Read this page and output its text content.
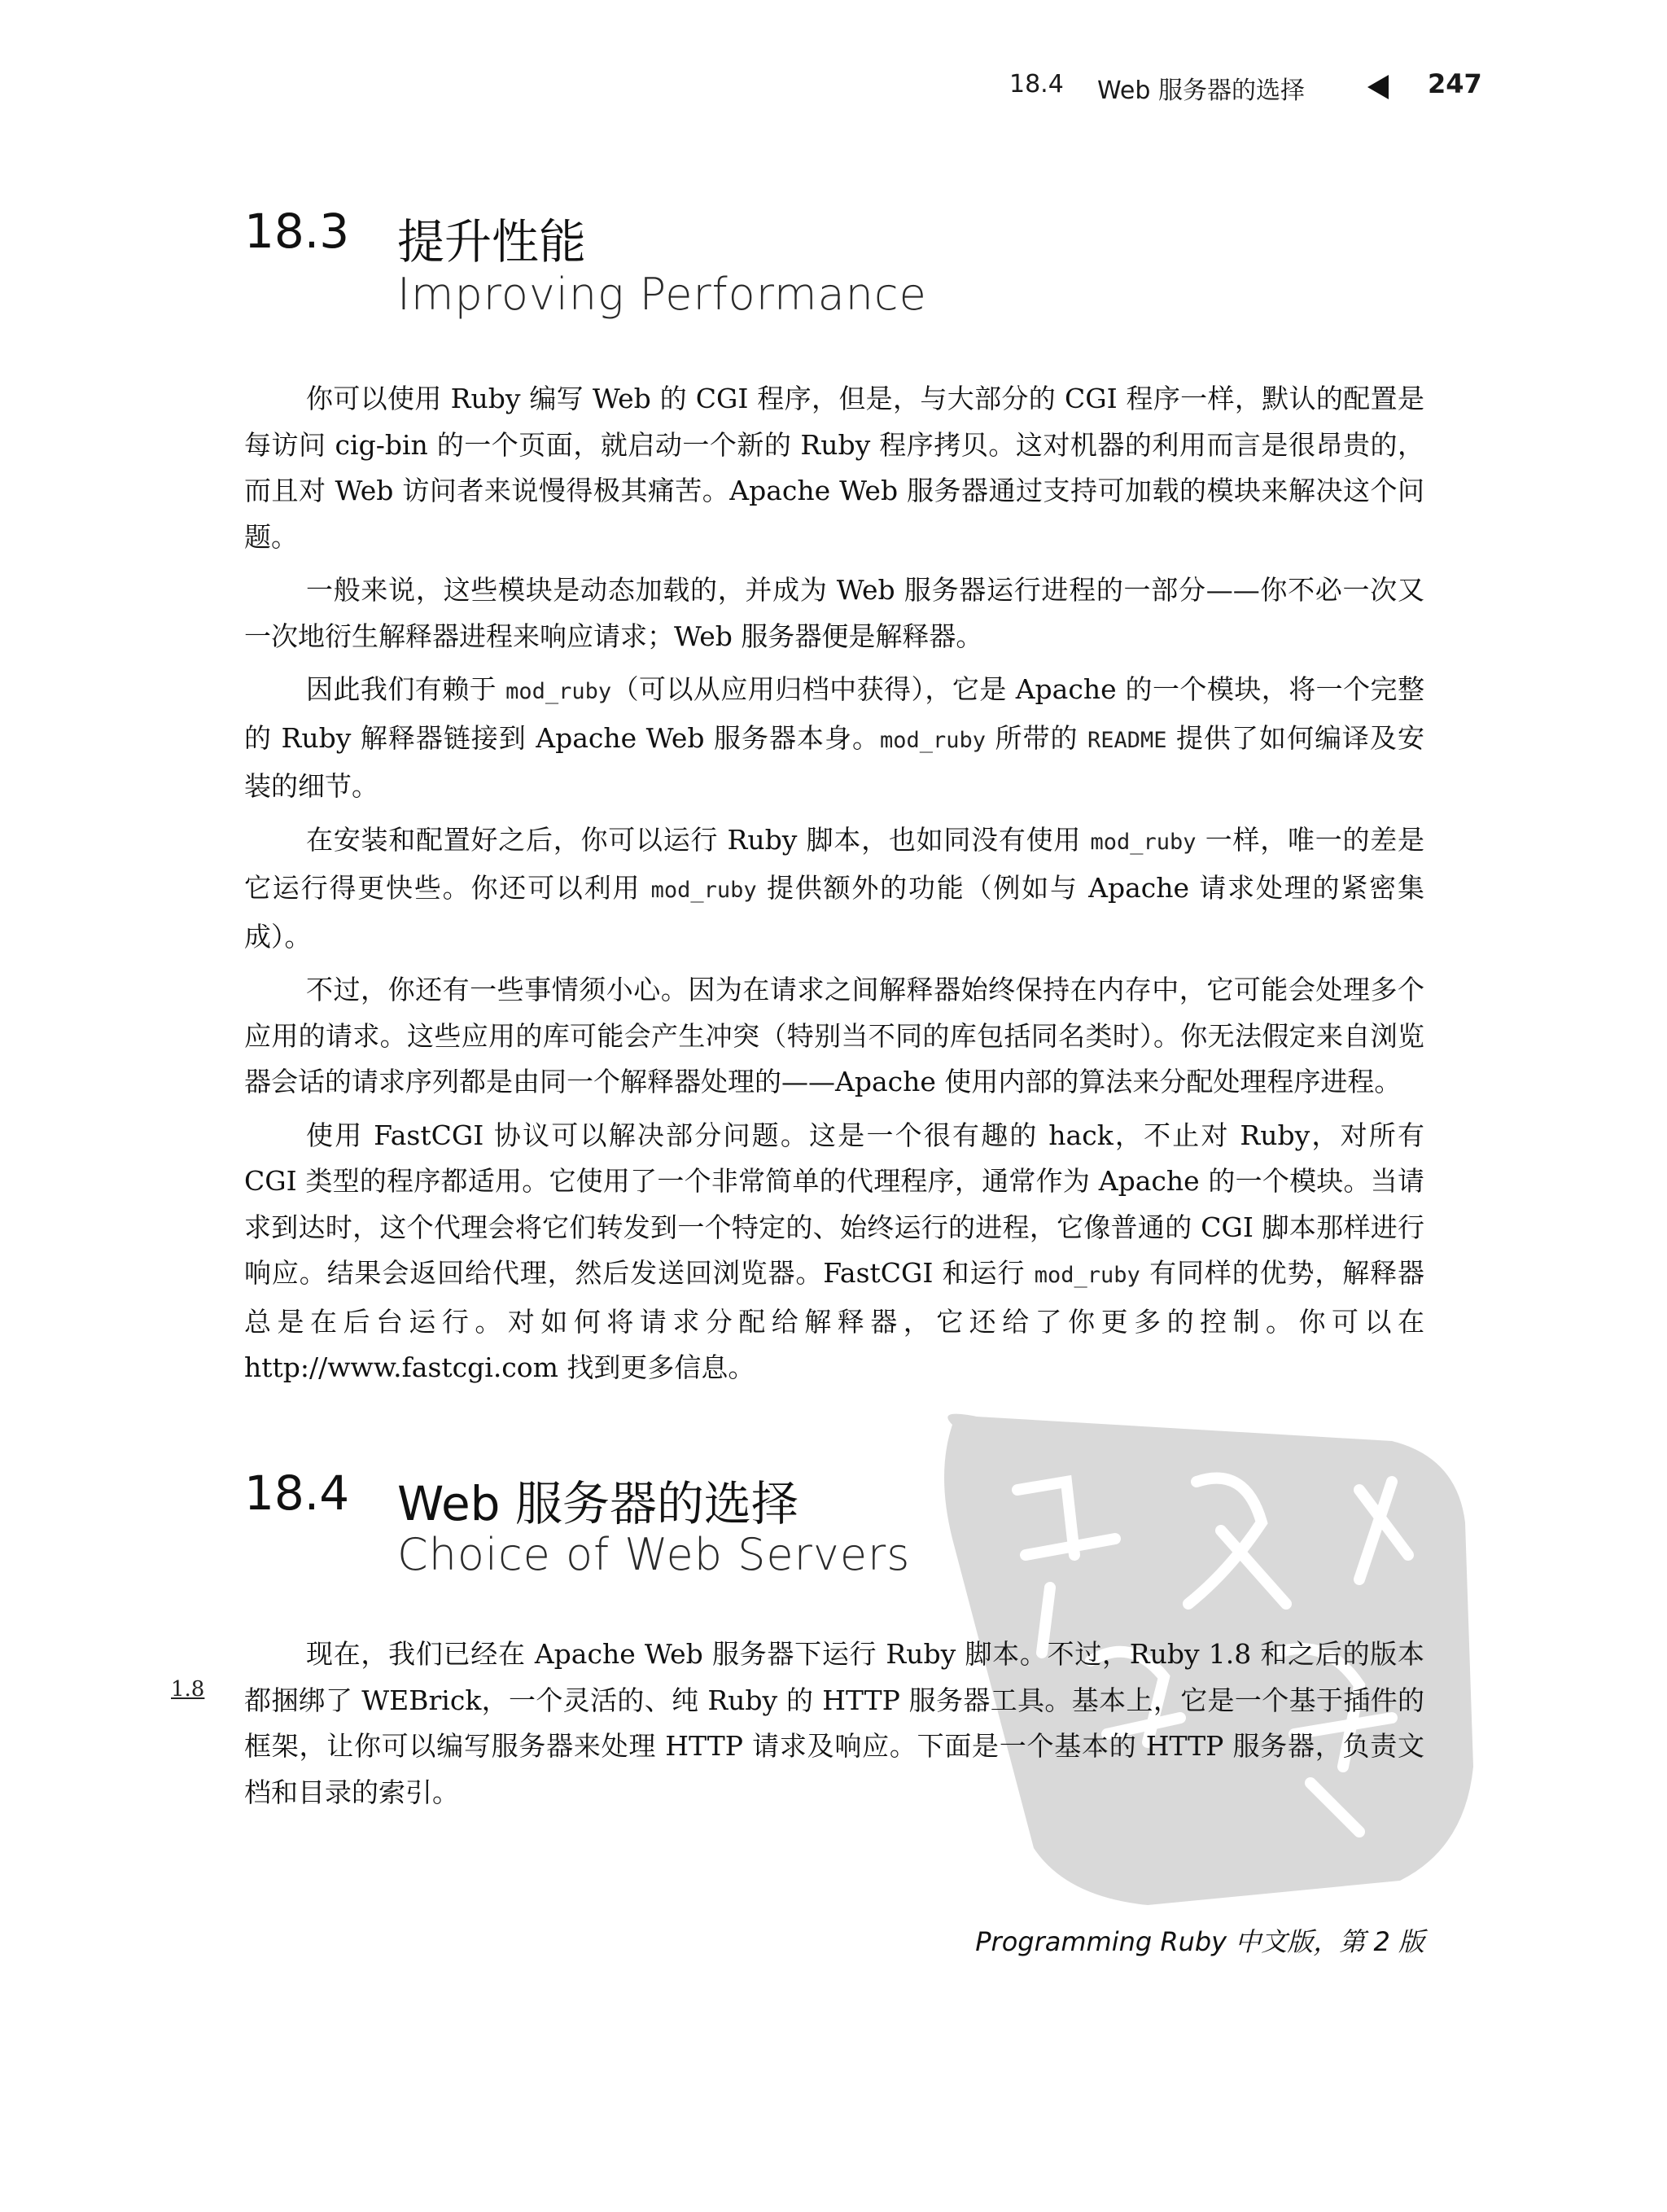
18.4 Web 服务器的选择	247
18.3 提升性能
Improving Performance

你可以使用 Ruby 编写 Web 的 CGI 程序，但是，与大部分的 CGI 程序一样，默认的配置是每访问 cig-bin 的一个页面，就启动一个新的 Ruby 程序拷贝。这对机器的利用而言是很昂贵的，而且对 Web 访问者来说慢得极其痛苦。Apache Web 服务器通过支持可加载的模块来解决这个问题。

一般来说，这些模块是动态加载的，并成为 Web 服务器运行进程的一部分——你不必一次又一次地衍生解释器进程来响应请求；Web 服务器便是解释器。

因此我们有赖于 mod_ruby（可以从应用归档中获得），它是 Apache 的一个模块，将一个完整的 Ruby 解释器链接到 Apache Web 服务器本身。mod_ruby 所带的 README 提供了如何编译及安装的细节。

在安装和配置好之后，你可以运行 Ruby 脚本，也如同没有使用 mod_ruby 一样，唯一的差是它运行得更快些。你还可以利用 mod_ruby 提供额外的功能（例如与 Apache 请求处理的紧密集成）。

不过，你还有一些事情须小心。因为在请求之间解释器始终保持在内存中，它可能会处理多个应用的请求。这些应用的库可能会产生冲突（特别当不同的库包括同名类时）。你无法假定来自浏览器会话的请求序列都是由同一个解释器处理的——Apache 使用内部的算法来分配处理程序进程。

使用 FastCGI 协议可以解决部分问题。这是一个很有趣的 hack，不止对 Ruby，对所有 CGI 类型的程序都适用。它使用了一个非常简单的代理程序，通常作为 Apache 的一个模块。当请求到达时，这个代理会将它们转发到一个特定的、始终运行的进程，它像普通的 CGI 脚本那样进行响应。结果会返回给代理，然后发送回浏览器。FastCGI 和运行 mod_ruby 有同样的优势，解释器总是在后台运行。对如何将请求分配给解释器，它还给了你更多的控制。你可以在 http://www.fastcgi.com 找到更多信息。

18.4 Web 服务器的选择
Choice of Web Servers
1.8

现在，我们已经在 Apache Web 服务器下运行 Ruby 脚本。不过，Ruby 1.8 和之后的版本都捆绑了 WEBrick，一个灵活的、纯 Ruby 的 HTTP 服务器工具。基本上，它是一个基于插件的框架，让你可以编写服务器来处理 HTTP 请求及响应。下面是一个基本的 HTTP 服务器，负责文档和目录的索引。

Programming Ruby 中文版，第 2 版
